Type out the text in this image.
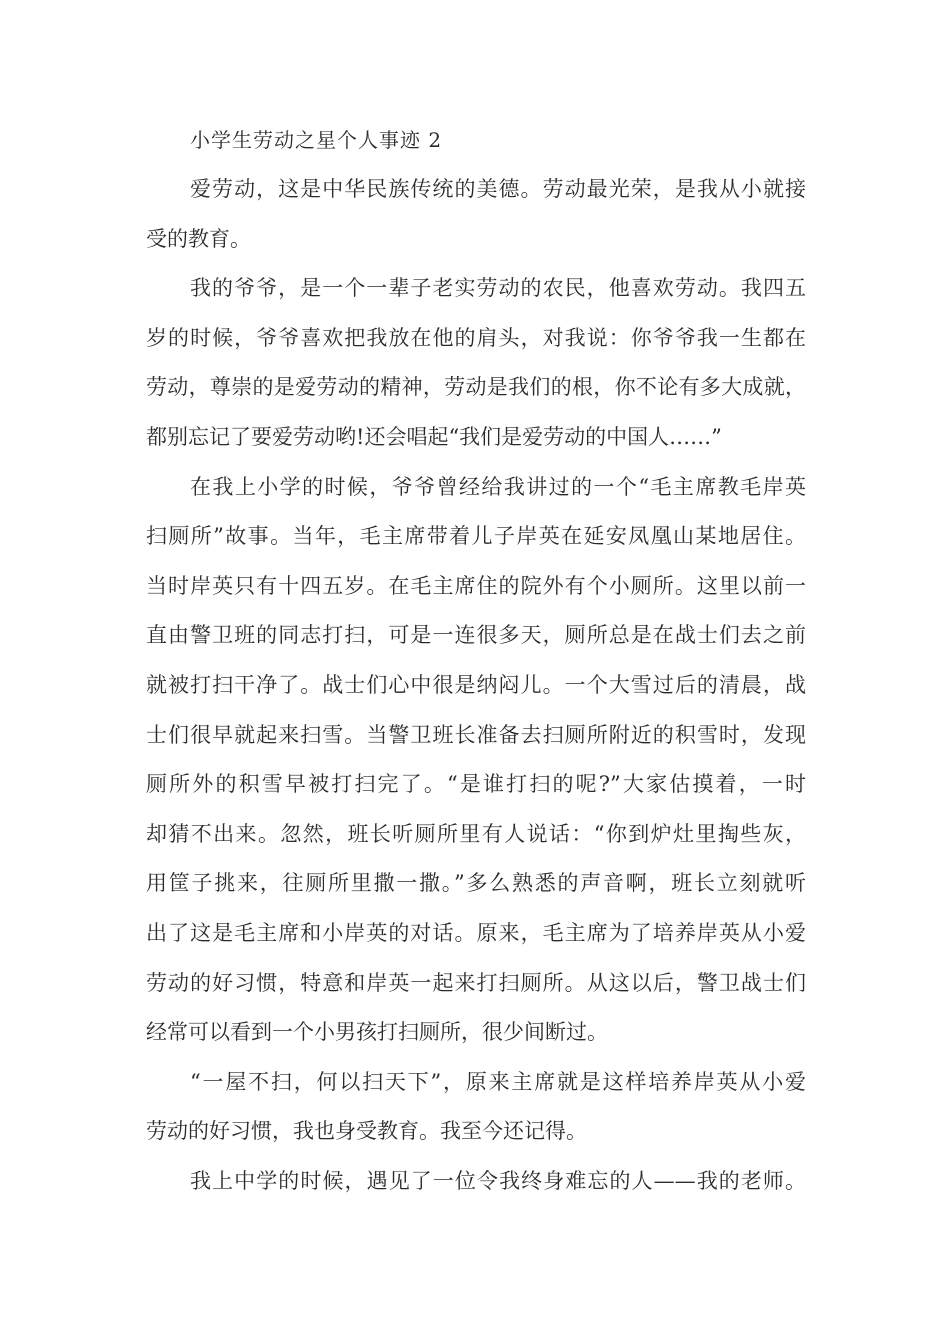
小学生劳动之星个人事迹 2
爱劳动，这是中华民族传统的美德。劳动最光荣，是我从小就接
受的教育。
我的爷爷，是一个一辈子老实劳动的农民，他喜欢劳动。我四五
岁的时候，爷爷喜欢把我放在他的肩头，对我说：你爷爷我一生都在
劳动，尊崇的是爱劳动的精神，劳动是我们的根，你不论有多大成就，
都别忘记了要爱劳动哟!还会唱起“我们是爱劳动的中国人……”
在我上小学的时候，爷爷曾经给我讲过的一个“毛主席教毛岸英
扫厕所”故事。当年，毛主席带着儿子岸英在延安凤凰山某地居住。
当时岸英只有十四五岁。在毛主席住的院外有个小厕所。这里以前一
直由警卫班的同志打扫，可是一连很多天，厕所总是在战士们去之前
就被打扫干净了。战士们心中很是纳闷儿。一个大雪过后的清晨，战
士们很早就起来扫雪。当警卫班长准备去扫厕所附近的积雪时，发现
厕所外的积雪早被打扫完了。“是谁打扫的呢?”大家估摸着，一时
却猜不出来。忽然，班长听厕所里有人说话：“你到炉灶里掏些灰，
用筐子挑来，往厕所里撒一撒。”多么熟悉的声音啊，班长立刻就听
出了这是毛主席和小岸英的对话。原来，毛主席为了培养岸英从小爱
劳动的好习惯，特意和岸英一起来打扫厕所。从这以后，警卫战士们
经常可以看到一个小男孩打扫厕所，很少间断过。
“一屋不扫，何以扫天下”，原来主席就是这样培养岸英从小爱
劳动的好习惯，我也身受教育。我至今还记得。
我上中学的时候，遇见了一位令我终身难忘的人——我的老师。
